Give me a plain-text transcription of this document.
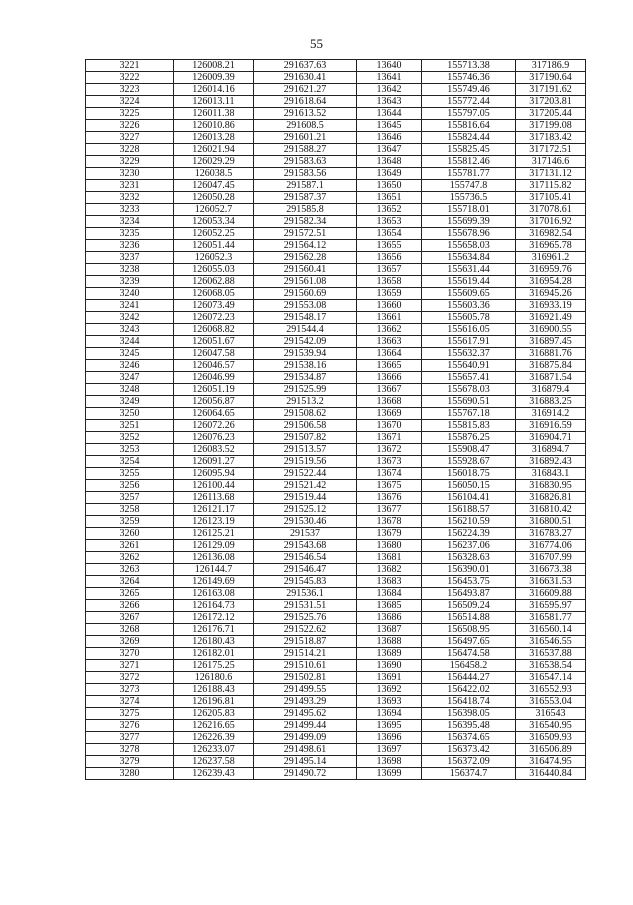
55
3221	126008.21	291637.63	13640	155713.38	317186.9
3222	126009.39	291630.41	13641	155746.36	317190.64
3223	126014.16	291621.27	13642	155749.46	317191.62
3224	126013.11	291618.64	13643	155772.44	317203.81
3225	126011.38	291613.52	13644	155797.05	317205.44
3226	126010.86	291608.5	13645	155816.64	317199.08
3227	126013.28	291601.21	13646	155824.44	317183.42
3228	126021.94	291588.27	13647	155825.45	317172.51
3229	126029.29	291583.63	13648	155812.46	317146.6
3230	126038.5	291583.56	13649	155781.77	317131.12
3231	126047.45	291587.1	13650	155747.8	317115.82
3232	126050.28	291587.37	13651	155736.5	317105.41
3233	126052.7	291585.8	13652	155718.01	317078.61
3234	126053.34	291582.34	13653	155699.39	317016.92
3235	126052.25	291572.51	13654	155678.96	316982.54
3236	126051.44	291564.12	13655	155658.03	316965.78
3237	126052.3	291562.28	13656	155634.84	316961.2
3238	126055.03	291560.41	13657	155631.44	316959.76
3239	126062.88	291561.08	13658	155619.44	316954.28
3240	126068.05	291560.69	13659	155609.65	316945.26
3241	126073.49	291553.08	13660	155603.36	316933.19
3242	126072.23	291548.17	13661	155605.78	316921.49
3243	126068.82	291544.4	13662	155616.05	316900.55
3244	126051.67	291542.09	13663	155617.91	316897.45
3245	126047.58	291539.94	13664	155632.37	316881.76
3246	126046.57	291538.16	13665	155640.91	316875.84
3247	126046.99	291534.87	13666	155657.41	316871.54
3248	126051.19	291525.99	13667	155678.03	316879.4
3249	126056.87	291513.2	13668	155690.51	316883.25
3250	126064.65	291508.62	13669	155767.18	316914.2
3251	126072.26	291506.58	13670	155815.83	316916.59
3252	126076.23	291507.82	13671	155876.25	316904.71
3253	126083.52	291513.57	13672	155908.47	316894.7
3254	126091.27	291519.56	13673	155928.67	316892.43
3255	126095.94	291522.44	13674	156018.75	316843.1
3256	126100.44	291521.42	13675	156050.15	316830.95
3257	126113.68	291519.44	13676	156104.41	316826.81
3258	126121.17	291525.12	13677	156188.57	316810.42
3259	126123.19	291530.46	13678	156210.59	316800.51
3260	126125.21	291537	13679	156224.39	316783.27
3261	126129.09	291543.68	13680	156237.06	316774.06
3262	126136.08	291546.54	13681	156328.63	316707.99
3263	126144.7	291546.47	13682	156390.01	316673.38
3264	126149.69	291545.83	13683	156453.75	316631.53
3265	126163.08	291536.1	13684	156493.87	316609.88
3266	126164.73	291531.51	13685	156509.24	316595.97
3267	126172.12	291525.76	13686	156514.88	316581.77
3268	126176.71	291522.62	13687	156508.95	316560.14
3269	126180.43	291518.87	13688	156497.65	316546.55
3270	126182.01	291514.21	13689	156474.58	316537.88
3271	126175.25	291510.61	13690	156458.2	316538.54
3272	126180.6	291502.81	13691	156444.27	316547.14
3273	126188.43	291499.55	13692	156422.02	316552.93
3274	126196.81	291493.29	13693	156418.74	316553.04
3275	126205.83	291495.62	13694	156398.05	316543
3276	126216.65	291499.44	13695	156395.48	316540.95
3277	126226.39	291499.09	13696	156374.65	316509.93
3278	126233.07	291498.61	13697	156373.42	316506.89
3279	126237.58	291495.14	13698	156372.09	316474.95
3280	126239.43	291490.72	13699	156374.7	316440.84
